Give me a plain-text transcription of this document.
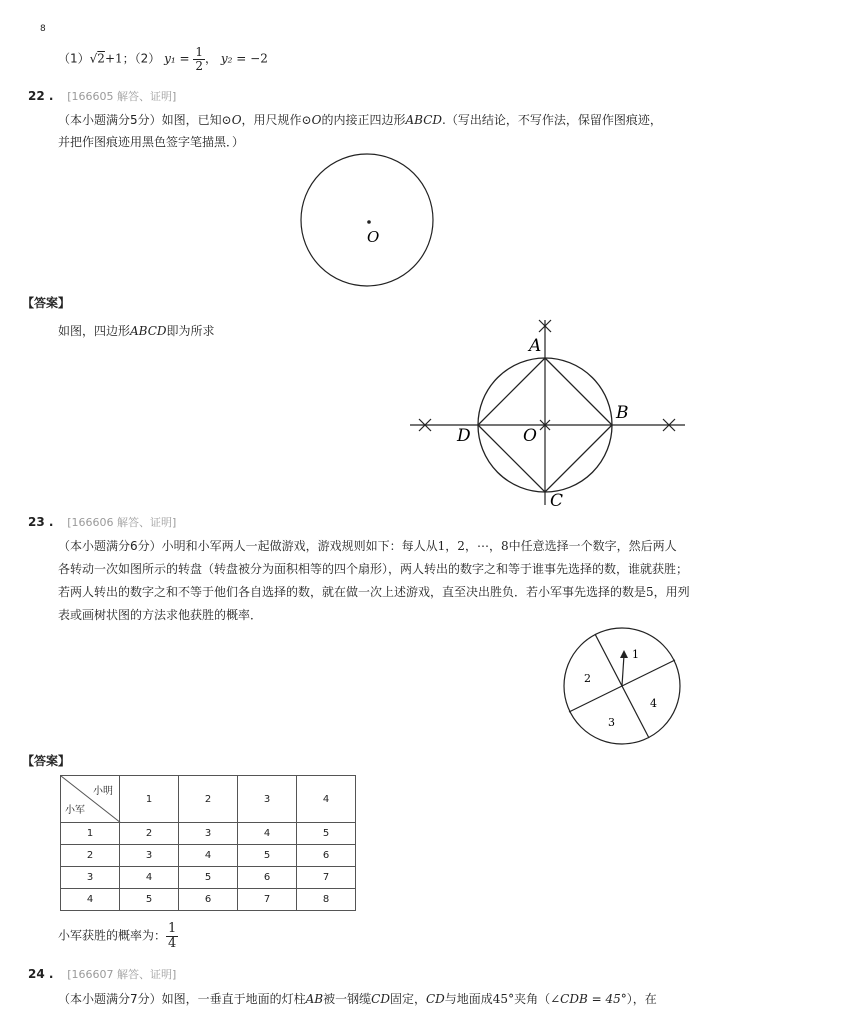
8
（1）√2+1；（2） $y_1 = \frac{1}{2}$ ， y₂ = −2
22 . [166605 解答、证明]
（本小题满分5分）如图，已知⊙O，用尺规作⊙O的内接正四边形ABCD.（写出结论，不写作法，保留作图痕迹，
并把作图痕迹用黑色签字笔描黑．）
O
【答案】
如图，四边形ABCD即为所求
A
B
C
D	O
23 . [166606 解答、证明]
（本小题满分6分）小明和小军两人一起做游戏，游戏规则如下：每人从1，2，⋯，8中任意选择一个数字，然后两人
各转动一次如图所示的转盘（转盘被分为面积相等的四个扇形），两人转出的数字之和等于谁事先选择的数，谁就获胜；
若两人转出的数字之和不等于他们各自选择的数，就在做一次上述游戏，直至决出胜负．若小军事先选择的数是5，用列
表或画树状图的方法求他获胜的概率．
1
2
3
4
【答案】
小明
小军	1	2	3	4
1	2	3	4	5
2	3	4	5	6
3	4	5	6	7
4	5	6	7	8
小军获胜的概率为： $\frac{1}{4}$
24 . [166607 解答、证明]
（本小题满分7分）如图，一垂直于地面的灯柱AB被一钢缆CD固定，CD与地面成45°夹角（∠CDB = 45°），在
